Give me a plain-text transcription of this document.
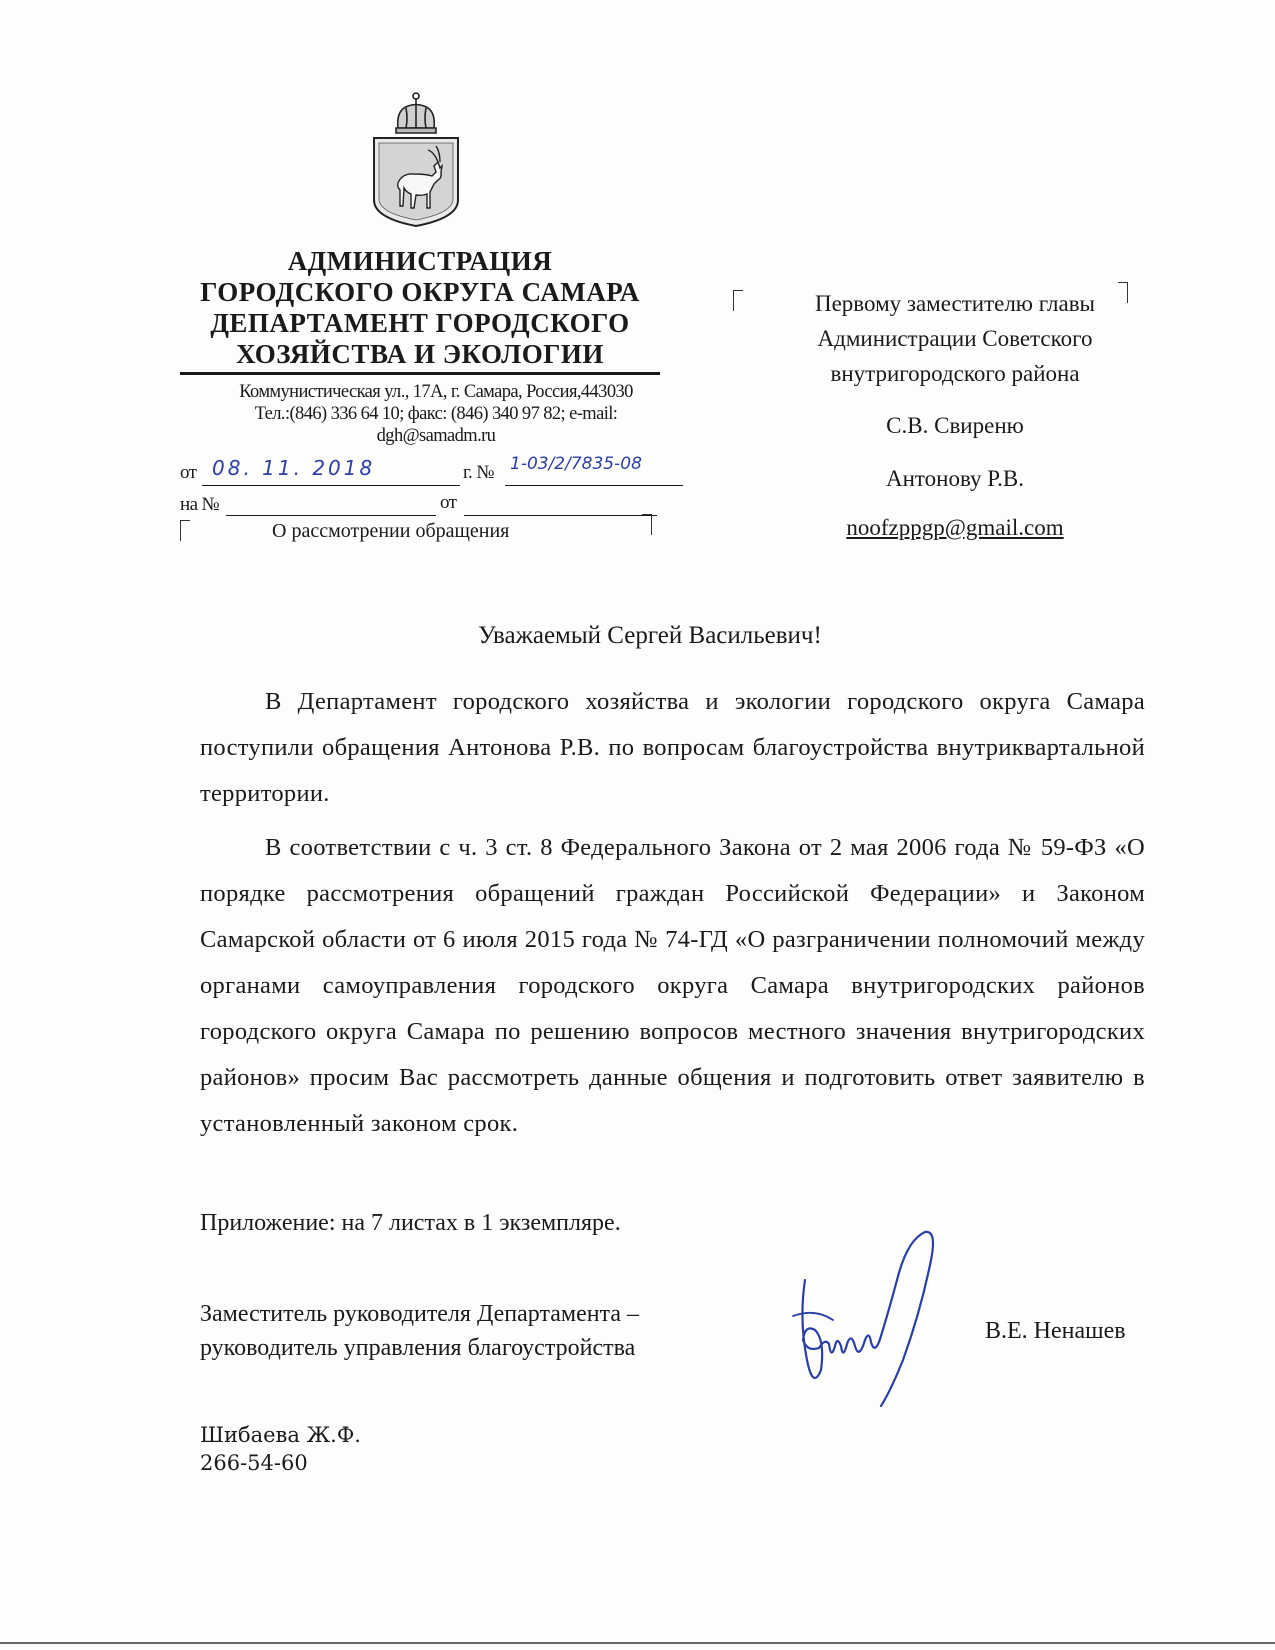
АДМИНИСТРАЦИЯ
ГОРОДСКОГО ОКРУГА САМАРА
ДЕПАРТАМЕНТ ГОРОДСКОГО
ХОЗЯЙСТВА И ЭКОЛОГИИ
Коммунистическая ул., 17А, г. Самара, Россия,443030
Тел.:(846) 336 64 10; факс: (846) 340 97 82; e-mail:
dgh@samadm.ru
от 08. 11. 2018	г. № 1-03/2/7835-08
на №	от
О рассмотрении обращения
Первому заместителю главы
Администрации Советского
внутригородского района
С.В. Свиреню
Антонову Р.В.
noofzppgp@gmail.com
Уважаемый Сергей Васильевич!

В Департамент городского хозяйства и экологии городского округа Самара поступили обращения Антонова Р.В. по вопросам благоустройства внутриквартальной территории.

В соответствии с ч. 3 ст. 8 Федерального Закона от 2 мая 2006 года № 59-ФЗ «О порядке рассмотрения обращений граждан Российской Федерации» и Законом Самарской области от 6 июля 2015 года № 74-ГД «О разграничении полномочий между органами самоуправления городского округа Самара внутригородских районов городского округа Самара по решению вопросов местного значения внутригородских районов» просим Вас рассмотреть данные общения и подготовить ответ заявителю в установленный законом срок.

Приложение: на 7 листах в 1 экземпляре.
Заместитель руководителя Департамента –
руководитель управления благоустройства
В.Е. Ненашев
Шибаева Ж.Ф.
266-54-60
